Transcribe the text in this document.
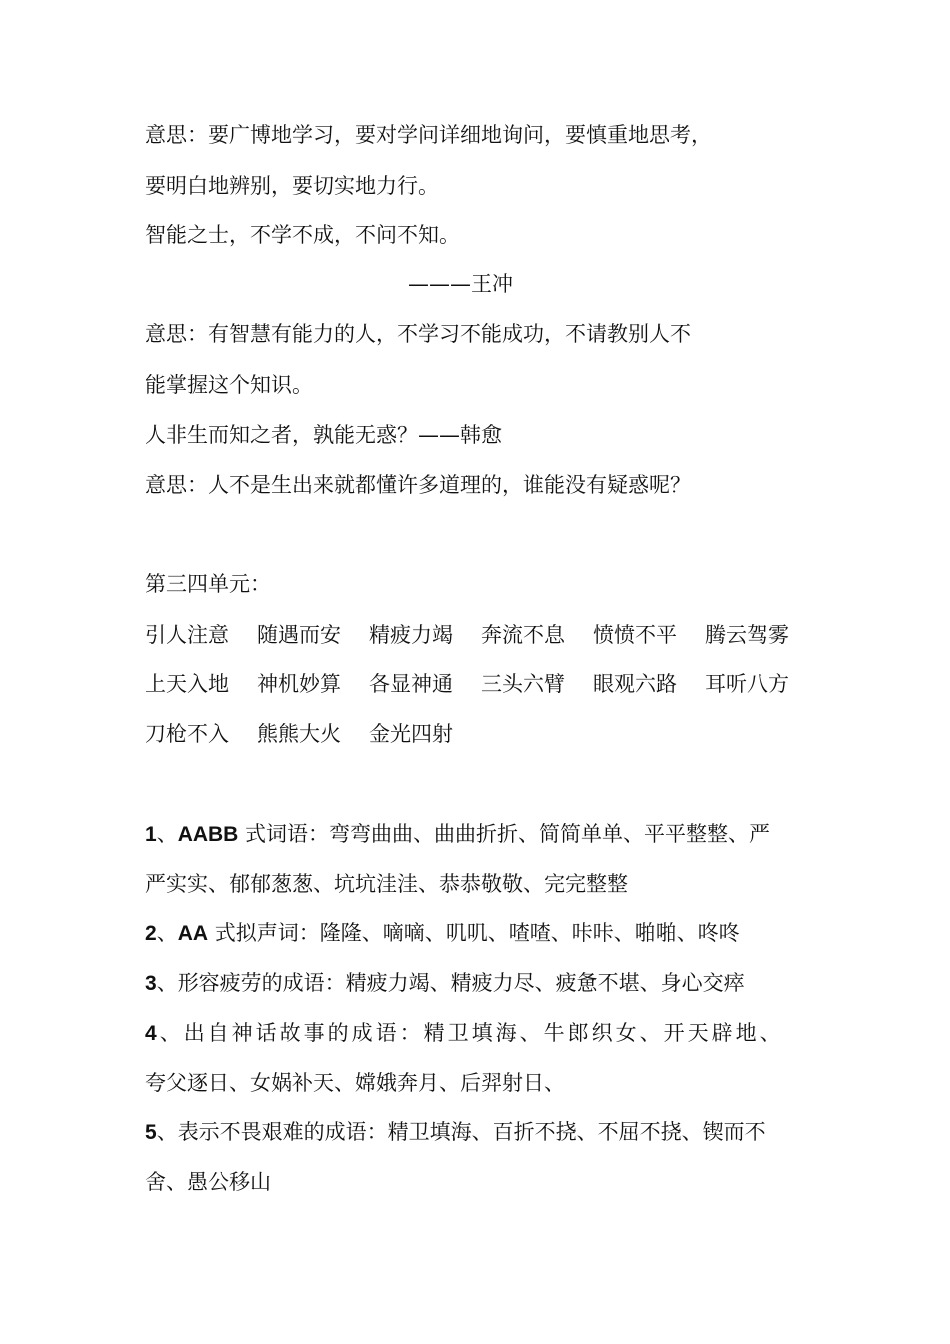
意思：要广博地学习，要对学问详细地询问，要慎重地思考，
要明白地辨别，要切实地力行。
智能之士，不学不成，不问不知。
———王冲
意思：有智慧有能力的人，不学习不能成功，不请教别人不
能掌握这个知识。
人非生而知之者，孰能无惑？——韩愈
意思：人不是生出来就都懂许多道理的，谁能没有疑惑呢？
第三四单元：
引人注意 随遇而安 精疲力竭 奔流不息 愤愤不平 腾云驾雾
上天入地 神机妙算 各显神通 三头六臂 眼观六路 耳听八方
刀枪不入 熊熊大火 金光四射
1、AABB 式词语：弯弯曲曲、曲曲折折、简简单单、平平整整、严
严实实、郁郁葱葱、坑坑洼洼、恭恭敬敬、完完整整
2、AA 式拟声词：隆隆、嘀嘀、叽叽、喳喳、咔咔、啪啪、咚咚
3、形容疲劳的成语：精疲力竭、精疲力尽、疲惫不堪、身心交瘁
4、出自神话故事的成语：精卫填海、牛郎织女、开天辟地、
夸父逐日、女娲补天、嫦娥奔月、后羿射日、
5、表示不畏艰难的成语：精卫填海、百折不挠、不屈不挠、锲而不
舍、愚公移山
